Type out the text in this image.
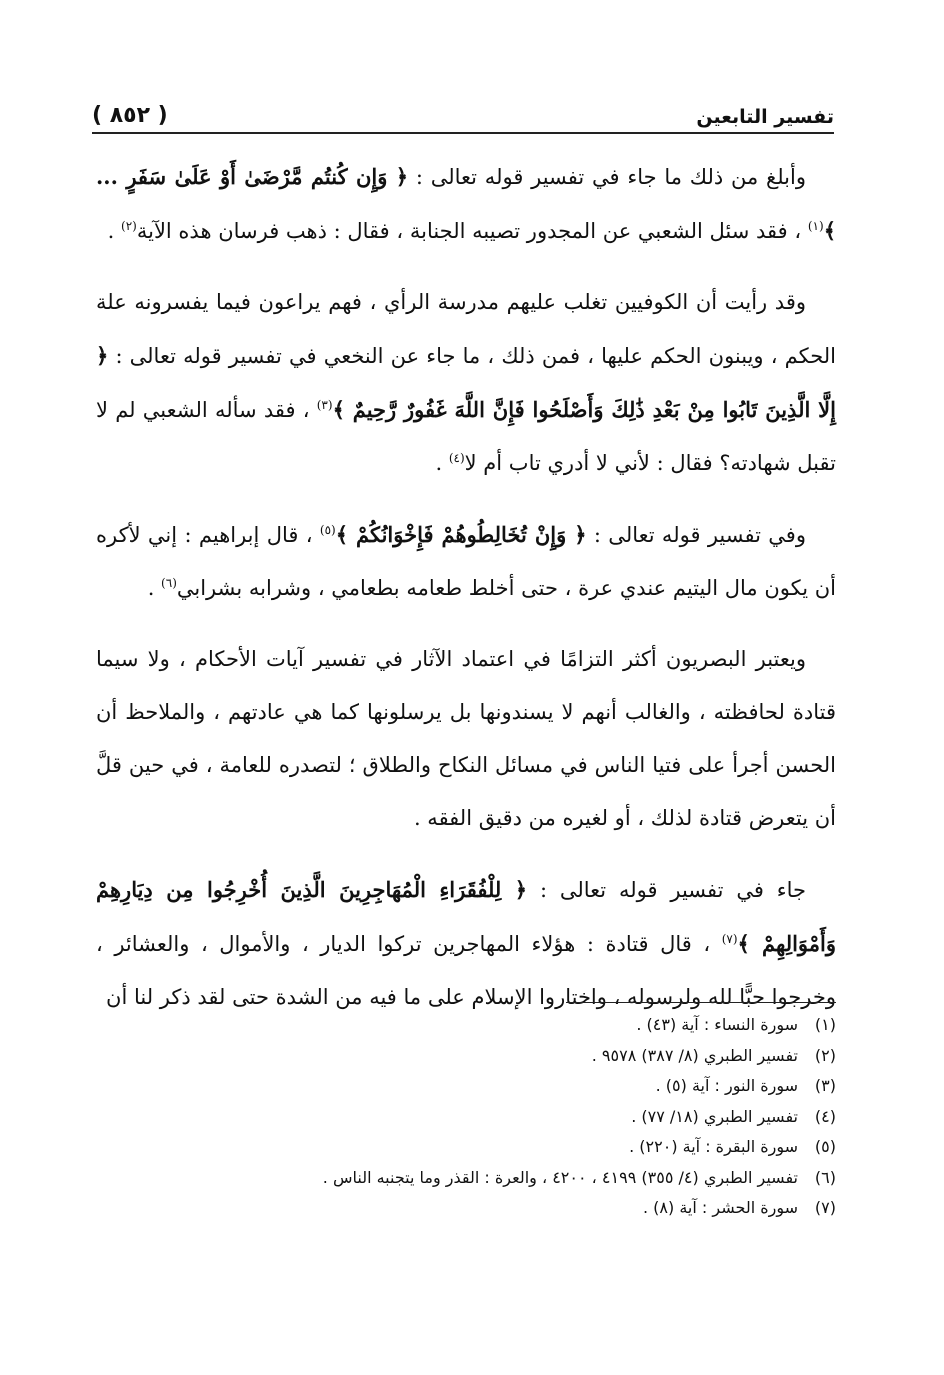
تفسير التابعين
( ٨٥٢ )

وأبلغ من ذلك ما جاء في تفسير قوله تعالى : ﴿ وَإِن كُنتُم مَّرْضَىٰ أَوْ عَلَىٰ سَفَرٍ ... ﴾$^{(١)}$ ، فقد سئل الشعبي عن المجدور تصيبه الجنابة ، فقال : ذهب فرسان هذه الآية$^{(٢)}$ .

وقد رأيت أن الكوفيين تغلب عليهم مدرسة الرأي ، فهم يراعون فيما يفسرونه علة الحكم ، ويبنون الحكم عليها ، فمن ذلك ، ما جاء عن النخعي في تفسير قوله تعالى : ﴿ إِلَّا الَّذِينَ تَابُوا مِنْ بَعْدِ ذَٰلِكَ وَأَصْلَحُوا فَإِنَّ اللَّهَ غَفُورٌ رَّحِيمٌ ﴾$^{(٣)}$ ، فقد سأله الشعبي لم لا تقبل شهادته؟ فقال : لأني لا أدري تاب أم لا$^{(٤)}$ .

وفي تفسير قوله تعالى : ﴿ وَإِنْ تُخَالِطُوهُمْ فَإِخْوَانُكُمْ ﴾$^{(٥)}$ ، قال إبراهيم : إني لأكره أن يكون مال اليتيم عندي عرة ، حتى أخلط طعامه بطعامي ، وشرابه بشرابي$^{(٦)}$ .

ويعتبر البصريون أكثر التزامًا في اعتماد الآثار في تفسير آيات الأحكام ، ولا سيما قتادة لحافظته ، والغالب أنهم لا يسندونها بل يرسلونها كما هي عادتهم ، والملاحظ أن الحسن أجرأ على فتيا الناس في مسائل النكاح والطلاق ؛ لتصدره للعامة ، في حين قلَّ أن يتعرض قتادة لذلك ، أو لغيره من دقيق الفقه .

جاء في تفسير قوله تعالى : ﴿ لِلْفُقَرَاءِ الْمُهَاجِرِينَ الَّذِينَ أُخْرِجُوا مِن دِيَارِهِمْ وَأَمْوَالِهِمْ ﴾$^{(٧)}$ ، قال قتادة : هؤلاء المهاجرين تركوا الديار ، والأموال ، والعشائر ، وخرجوا حبًّا لله ولرسوله ، واختاروا الإسلام على ما فيه من الشدة حتى لقد ذكر لنا أن

(١)سورة النساء : آية (٤٣) .
(٢)تفسير الطبري (٨/ ٣٨٧) ٩٥٧٨ .
(٣)سورة النور : آية (٥) .
(٤)تفسير الطبري (١٨/ ٧٧) .
(٥)سورة البقرة : آية (٢٢٠) .
(٦)تفسير الطبري (٤/ ٣٥٥) ٤١٩٩ ، ٤٢٠٠ ، والعرة : القذر وما يتجنبه الناس .
(٧)سورة الحشر : آية (٨) .
